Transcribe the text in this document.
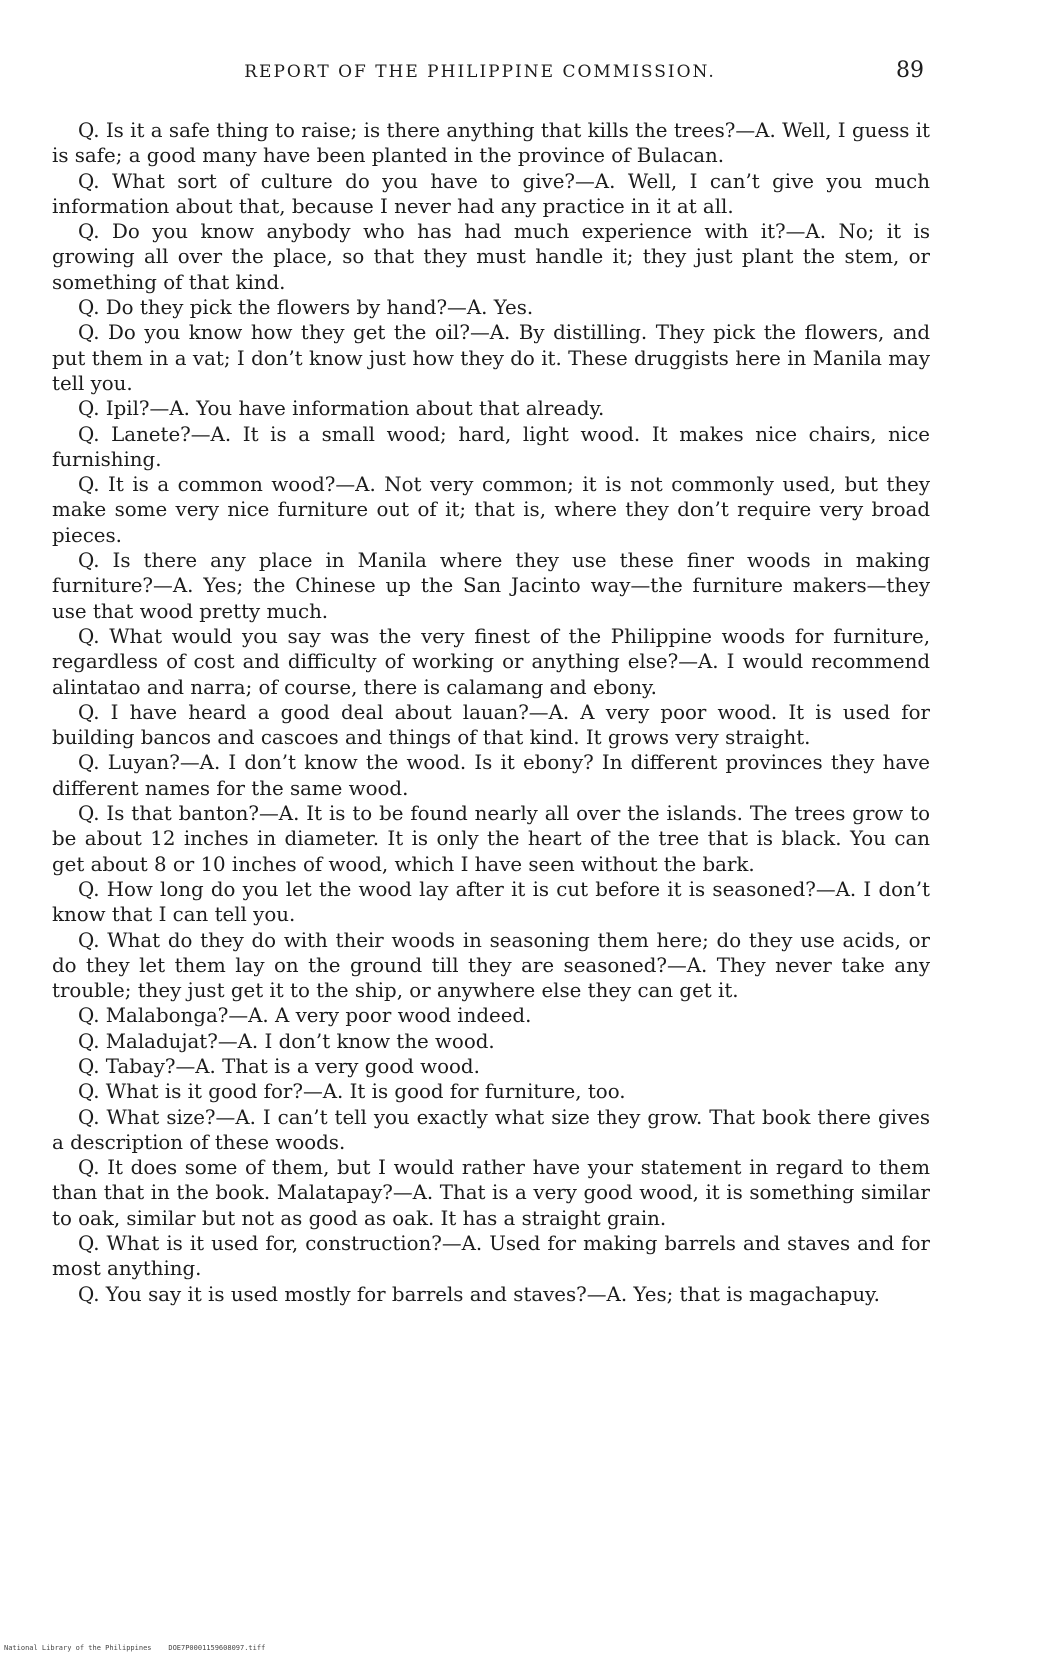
REPORT OF THE PHILIPPINE COMMISSION.	89

Q. Is it a safe thing to raise; is there anything that kills the trees?—A. Well, I guess it is safe; a good many have been planted in the province of Bulacan.

Q. What sort of culture do you have to give?—A. Well, I can’t give you much information about that, because I never had any practice in it at all.

Q. Do you know anybody who has had much experience with it?—A. No; it is growing all over the place, so that they must handle it; they just plant the stem, or something of that kind.

Q. Do they pick the flowers by hand?—A. Yes.

Q. Do you know how they get the oil?—A. By distilling. They pick the flowers, and put them in a vat; I don’t know just how they do it. These druggists here in Manila may tell you.

Q. Ipil?—A. You have information about that already.

Q. Lanete?—A. It is a small wood; hard, light wood. It makes nice chairs, nice furnishing.

Q. It is a common wood?—A. Not very common; it is not commonly used, but they make some very nice furniture out of it; that is, where they don’t require very broad pieces.

Q. Is there any place in Manila where they use these finer woods in making furniture?—A. Yes; the Chinese up the San Jacinto way—the furniture makers—they use that wood pretty much.

Q. What would you say was the very finest of the Philippine woods for furniture, regardless of cost and difficulty of working or anything else?—A. I would recommend alintatao and narra; of course, there is calamang and ebony.

Q. I have heard a good deal about lauan?—A. A very poor wood. It is used for building bancos and cascoes and things of that kind. It grows very straight.

Q. Luyan?—A. I don’t know the wood. Is it ebony? In different provinces they have different names for the same wood.

Q. Is that banton?—A. It is to be found nearly all over the islands. The trees grow to be about 12 inches in diameter. It is only the heart of the tree that is black. You can get about 8 or 10 inches of wood, which I have seen without the bark.

Q. How long do you let the wood lay after it is cut before it is seasoned?—A. I don’t know that I can tell you.

Q. What do they do with their woods in seasoning them here; do they use acids, or do they let them lay on the ground till they are seasoned?—A. They never take any trouble; they just get it to the ship, or anywhere else they can get it.

Q. Malabonga?—A. A very poor wood indeed.

Q. Maladujat?—A. I don’t know the wood.

Q. Tabay?—A. That is a very good wood.

Q. What is it good for?—A. It is good for furniture, too.

Q. What size?—A. I can’t tell you exactly what size they grow. That book there gives a description of these woods.

Q. It does some of them, but I would rather have your statement in regard to them than that in the book. Malatapay?—A. That is a very good wood, it is something similar to oak, similar but not as good as oak. It has a straight grain.

Q. What is it used for, construction?—A. Used for making barrels and staves and for most anything.

Q. You say it is used mostly for barrels and staves?—A. Yes; that is magachapuy.

National Library of the Philippines    DOE7P0001159608097.tiff
